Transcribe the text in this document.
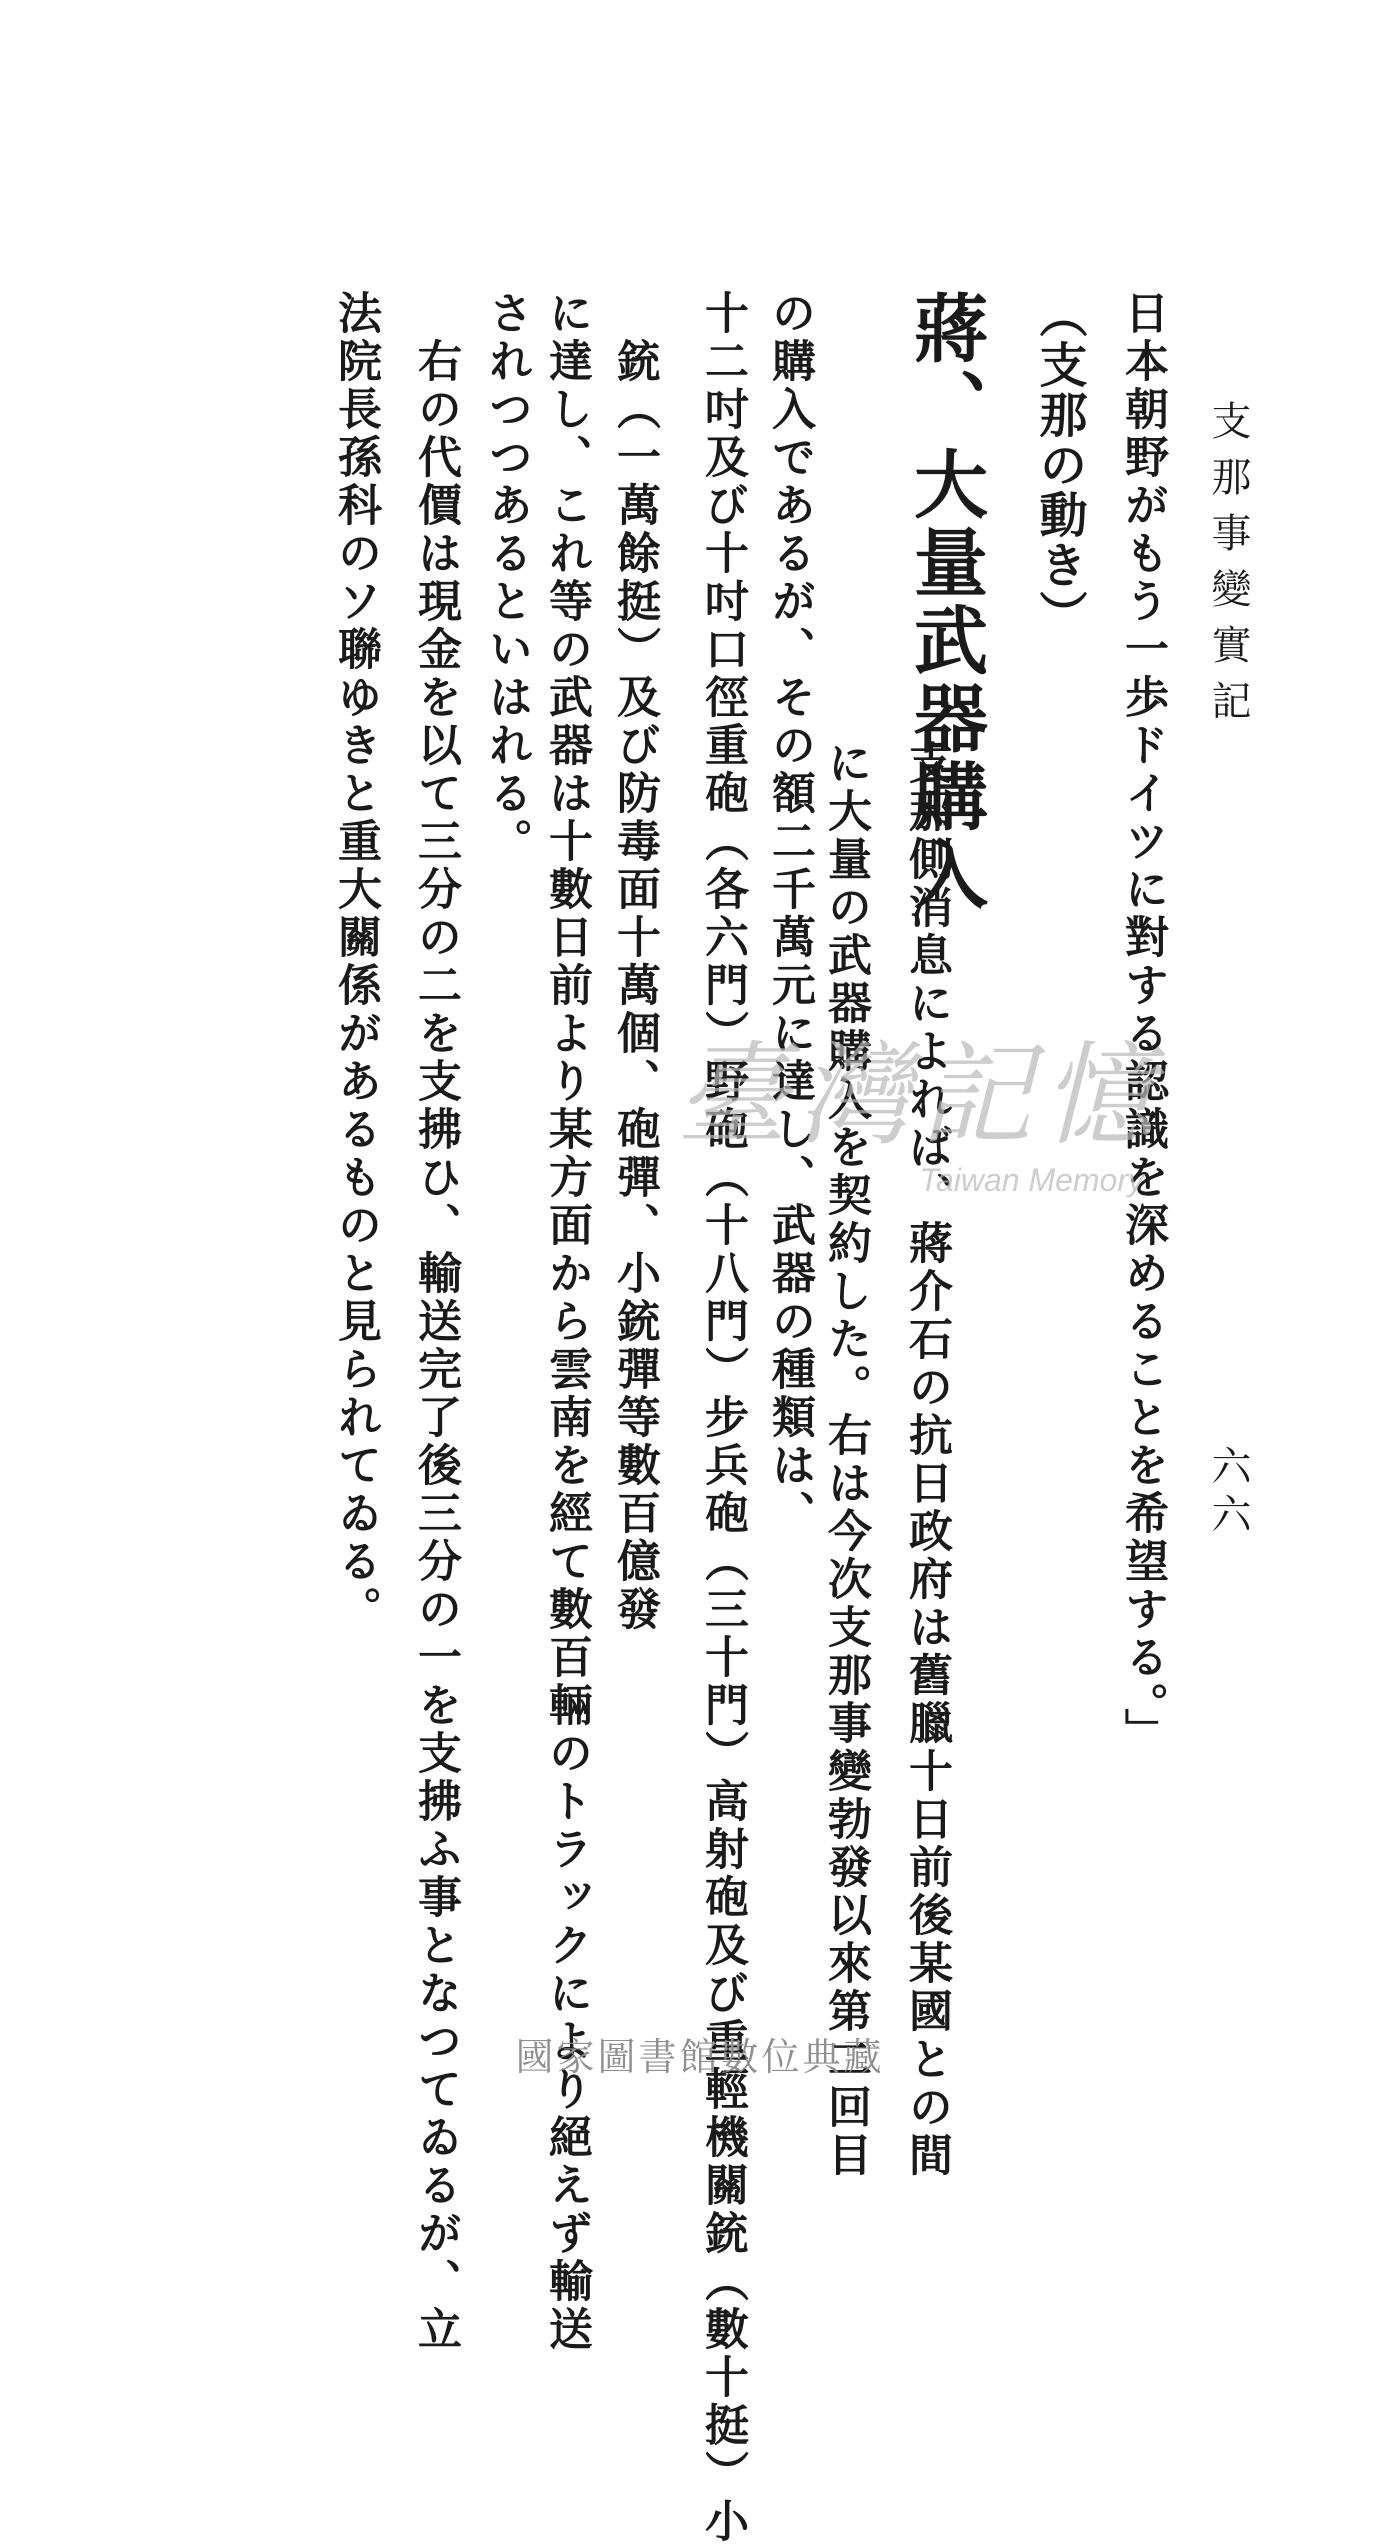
支那事變實記
六六
日本朝野がもう一歩ドイツに對する認識を深めることを希望する。」
（支那の動き）
蔣、大量武器購入
支那側消息によれば、蔣介石の抗日政府は舊臘十日前後某國との間
に大量の武器購入を契約した。右は今次支那事變勃發以來第二回目
の購入であるが、その額二千萬元に達し、武器の種類は、
十二吋及び十吋口徑重砲（各六門）野砲（十八門）步兵砲（三十門）高射砲及び重輕機關銃（數十挺）小
銃（一萬餘挺）及び防毒面十萬個、砲彈、小銃彈等數百億發
に達し、これ等の武器は十數日前より某方面から雲南を經て數百輛のトラックにより絕えず輸送
されつつあるといはれる。
右の代價は現金を以て三分の二を支拂ひ、輸送完了後三分の一を支拂ふ事となつてゐるが、立
法院長孫科のソ聯ゆきと重大關係があるものと見られてゐる。	臺灣記憶
Taiwan Memory
國家圖書館數位典藏
